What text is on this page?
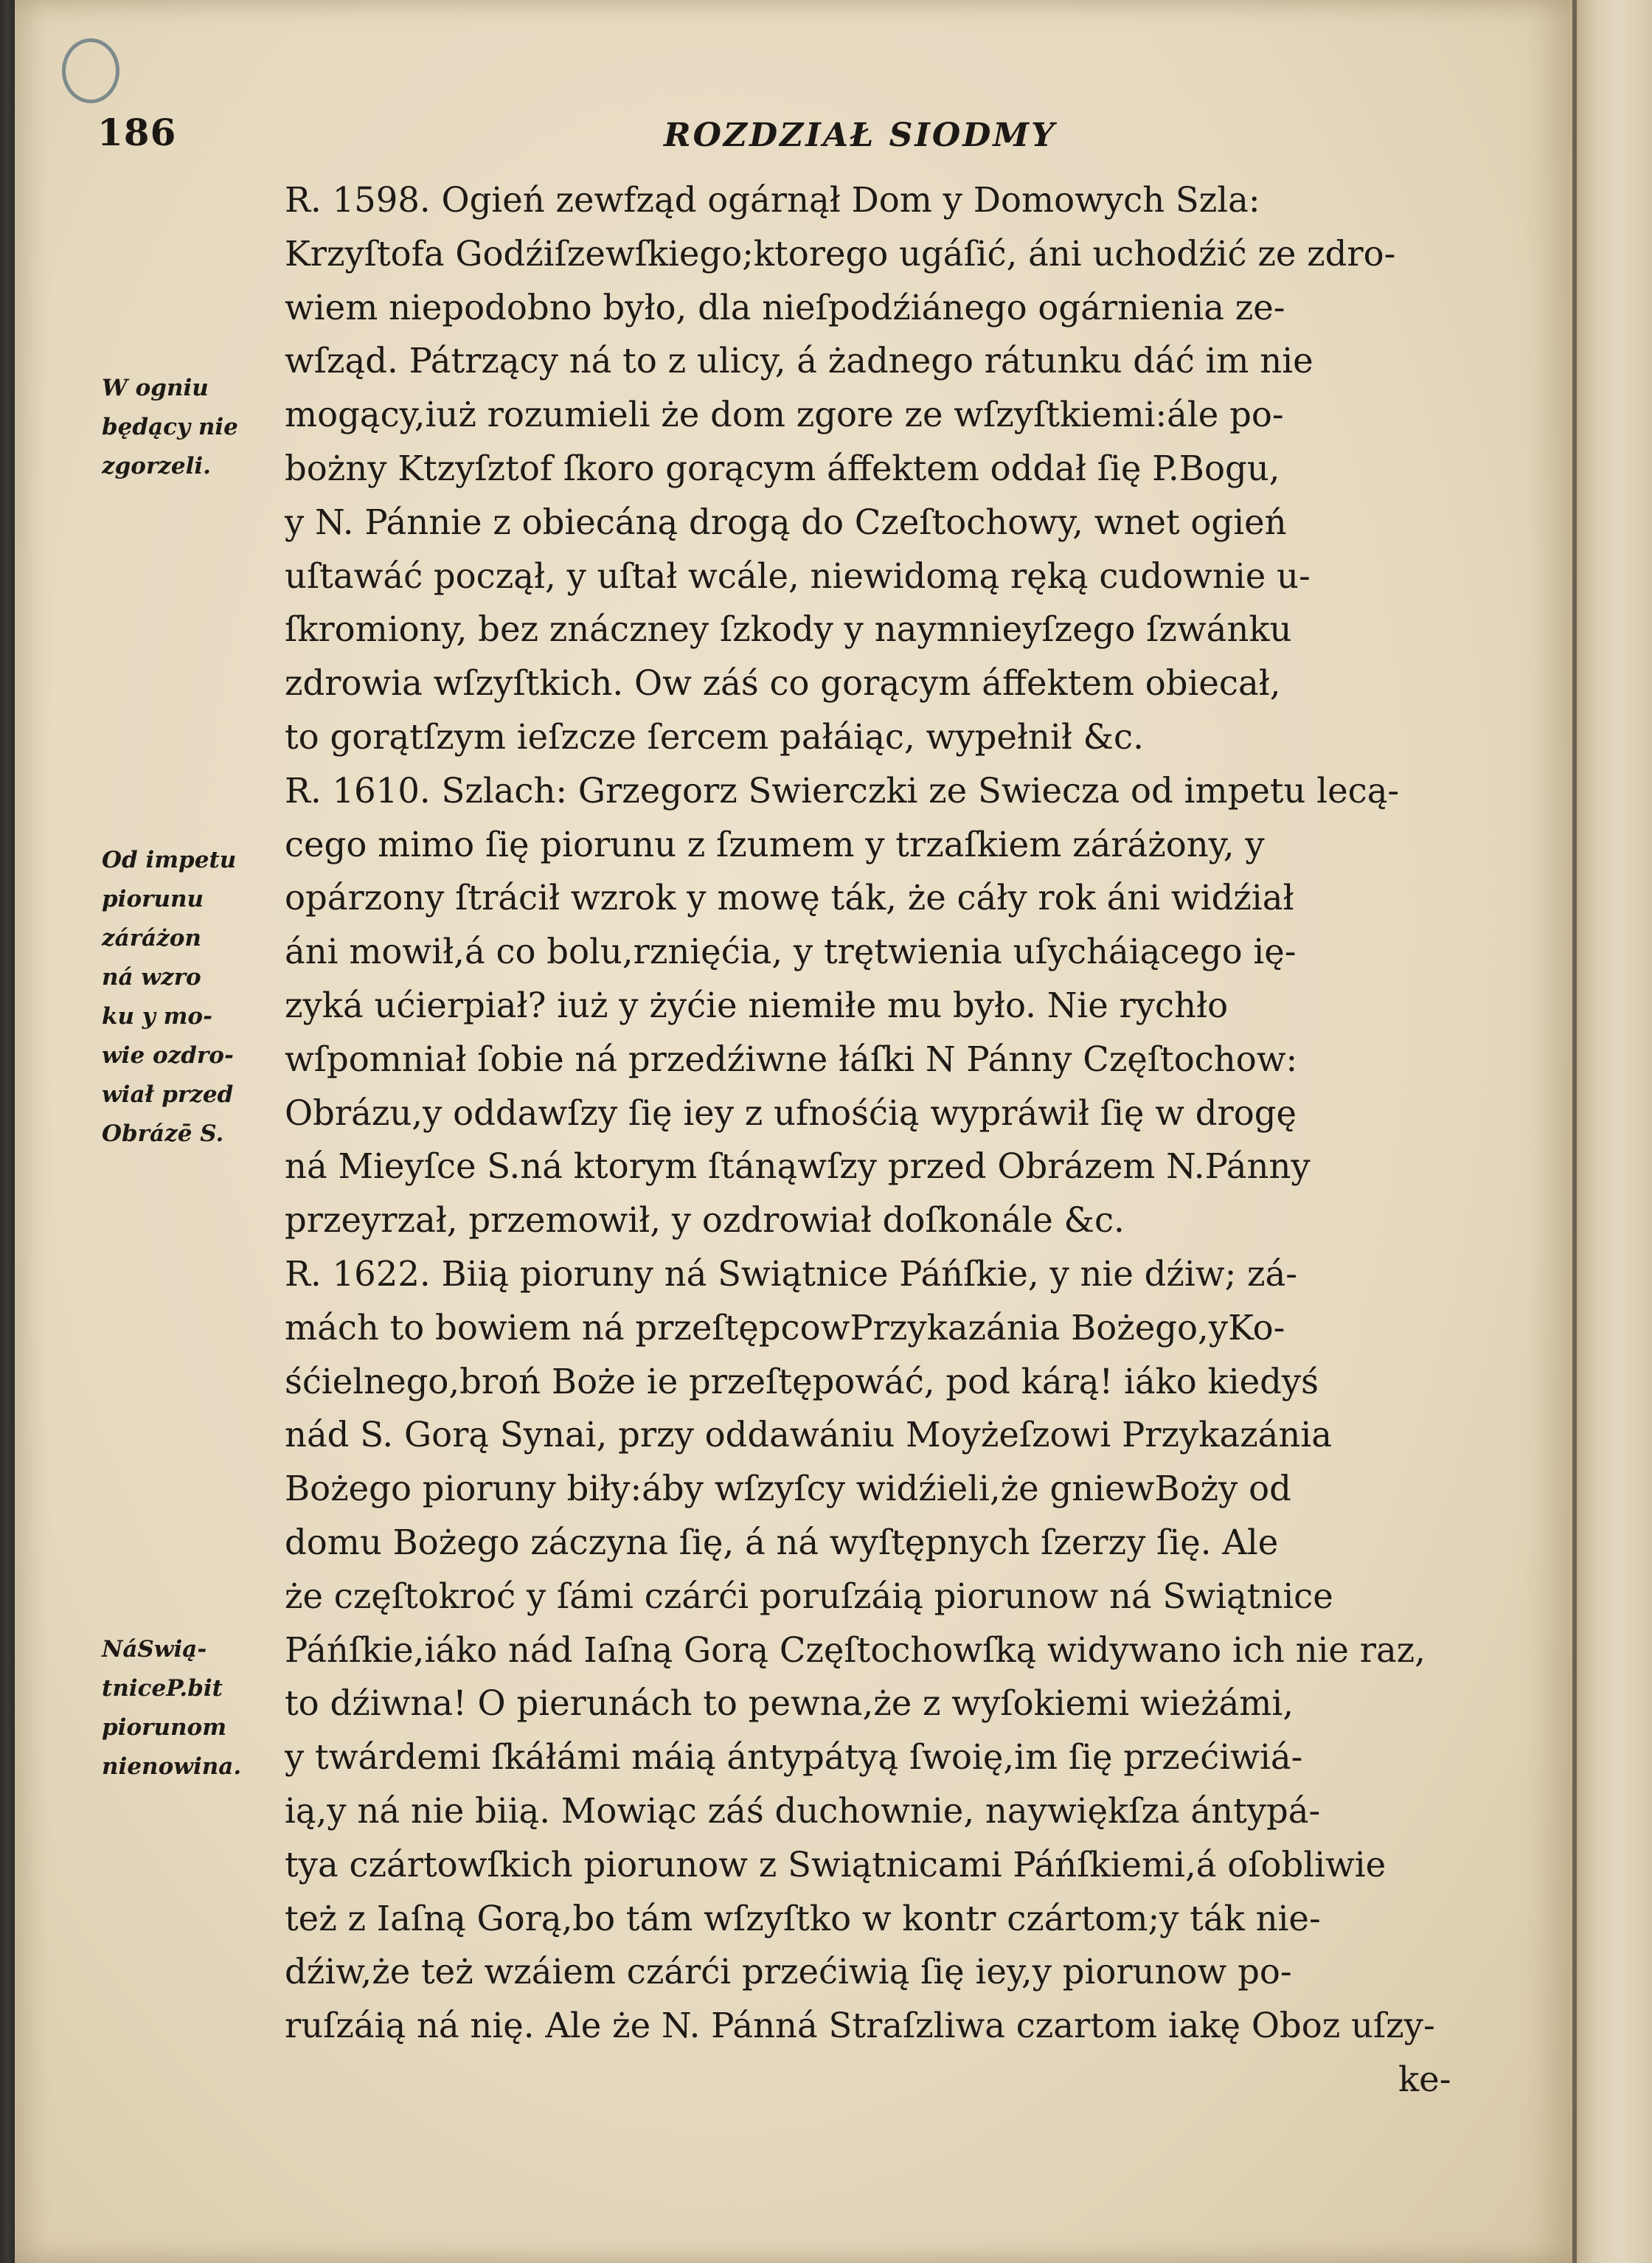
186	ROZDZIAŁ SIODMY
W ogniu
będący nie
zgorzeli.
Od impetu
piorunu
záráżon
ná wzro
ku y mo-
wie ozdro-
wiał przed
Obrázē S.
NáSwią-
tniceP.bit
piorunom
nienowina.
R. 1598. Ogień zewfząd ogárnął Dom y Domowych Szla:
Krzyſtofa Godźiſzewſkiego;ktorego ugáſić, áni uchodźić ze zdro-
wiem niepodobno było, dla nieſpodźiánego ogárnienia ze-
wſząd. Pátrzący ná to z ulicy, á żadnego rátunku dáć im nie
mogący,iuż rozumieli że dom zgore ze wſzyſtkiemi:ále po-
bożny Ktzyſztof ſkoro gorącym áffektem oddał ſię P.Bogu,
y N. Pánnie z obiecáną drogą do Czeſtochowy, wnet ogień
uſtawáć począł, y uſtał wcále, niewidomą ręką cudownie u-
ſkromiony, bez znáczney ſzkody y naymnieyſzego ſzwánku
zdrowia wſzyſtkich. Ow záś co gorącym áffektem obiecał,
to gorątſzym ieſzcze ſercem pałáiąc, wypełnił &c.
R. 1610. Szlach: Grzegorz Swierczki ze Swiecza od impetu lecą-
cego mimo ſię piorunu z ſzumem y trzaſkiem záráżony, y
opárzony ſtrácił wzrok y mowę ták, że cáły rok áni widźiał
áni mowił,á co bolu,rznięćia, y trętwienia uſycháiącego ię-
zyká ućierpiał? iuż y żyćie niemiłe mu było. Nie rychło
wſpomniał ſobie ná przedźiwne łáſki N Pánny Częſtochow:
Obrázu,y oddawſzy ſię iey z ufnośćią wypráwił ſię w drogę
ná Mieyſce S.ná ktorym ſtánąwſzy przed Obrázem N.Pánny
przeyrzał, przemowił, y ozdrowiał doſkonále &c.
R. 1622. Biią pioruny ná Swiątnice Páńſkie, y nie dźiw; zá-
mách to bowiem ná przeſtępcowPrzykazánia Bożego,yKo-
śćielnego,broń Boże ie przeſtępowáć, pod kárą! iáko kiedyś
nád S. Gorą Synai, przy oddawániu Moyżeſzowi Przykazánia
Bożego pioruny biły:áby wſzyſcy widźieli,że gniewBoży od
domu Bożego záczyna ſię, á ná wyſtępnych ſzerzy ſię. Ale
że częſtokroć y ſámi czárći poruſzáią piorunow ná Swiątnice
Páńſkie,iáko nád Iaſną Gorą Częſtochowſką widywano ich nie raz,
to dźiwna! O pierunách to pewna,że z wyſokiemi wieżámi,
y twárdemi ſkáłámi máią ántypátyą ſwoię,im ſię przećiwiá-
ią,y ná nie biią. Mowiąc záś duchownie, naywiękſza ántypá-
tya czártowſkich piorunow z Swiątnicami Páńſkiemi,á oſobliwie
też z Iaſną Gorą,bo tám wſzyſtko w kontr czártom;y ták nie-
dźiw,że też wzáiem czárći przećiwią ſię iey,y piorunow po-
ruſzáią ná nię. Ale że N. Pánná Straſzliwa czartom iakę Oboz uſzy-
ke-
